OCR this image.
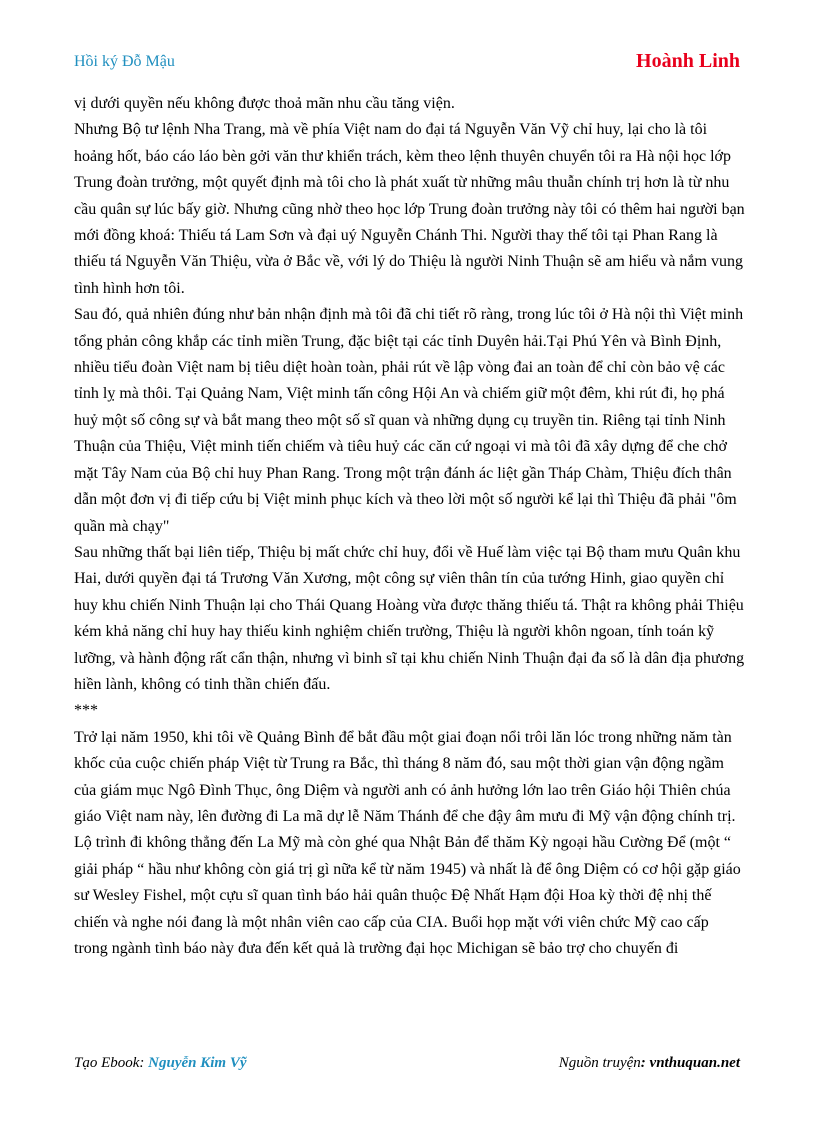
Hồi ký Đỗ Mậu	Hoành Linh

vị dưới quyền nếu không được thoả mãn nhu cầu tăng viện.

Nhưng Bộ tư lệnh Nha Trang, mà về phía Việt nam do đại tá Nguyễn Văn Vỹ chỉ huy, lại cho là tôi hoảng hốt, báo cáo láo bèn gởi văn thư khiển trách, kèm theo lệnh thuyên chuyển tôi ra Hà nội học lớp Trung đoàn trưởng, một quyết định mà tôi cho là phát xuất từ những mâu thuẫn chính trị hơn là từ nhu cầu quân sự lúc bấy giờ. Nhưng cũng nhờ theo học lớp Trung đoàn trưởng này tôi có thêm hai người bạn mới đồng khoá: Thiếu tá Lam Sơn và đại uý Nguyễn Chánh Thi. Người thay thế tôi tại Phan Rang là thiếu tá Nguyễn Văn Thiệu, vừa ở Bắc về, với lý do Thiệu là người Ninh Thuận sẽ am hiểu và nắm vung tình hình hơn tôi.

Sau đó, quả nhiên đúng như bản nhận định mà tôi đã chi tiết rõ ràng, trong lúc tôi ở Hà nội thì Việt minh tổng phản công khắp các tỉnh miền Trung, đặc biệt tại các tỉnh Duyên hải.Tại Phú Yên và Bình Định, nhiều tiểu đoàn Việt nam bị tiêu diệt hoàn toàn, phải rút về lập vòng đai an toàn để chỉ còn bảo vệ các tỉnh lỵ mà thôi. Tại Quảng Nam, Việt minh tấn công Hội An và chiếm giữ một đêm, khi rút đi, họ phá huỷ một số công sự và bắt mang theo một số sĩ quan và những dụng cụ truyền tin. Riêng tại tỉnh Ninh Thuận của Thiệu, Việt minh tiến chiếm và tiêu huỷ các căn cứ ngoại vi mà tôi đã xây dựng để che chở mặt Tây Nam của Bộ chỉ huy Phan Rang. Trong một trận đánh ác liệt gần Tháp Chàm, Thiệu đích thân dẫn một đơn vị đi tiếp cứu bị Việt minh phục kích và theo lời một số người kể lại thì Thiệu đã phải "ôm quần mà chạy"

Sau những thất bại liên tiếp, Thiệu bị mất chức chỉ huy, đổi về Huế làm việc tại Bộ tham mưu Quân khu Hai, dưới quyền đại tá Trương Văn Xương, một công sự viên thân tín của tướng Hinh, giao quyền chỉ huy khu chiến Ninh Thuận lại cho Thái Quang Hoàng vừa được thăng thiếu tá. Thật ra không phải Thiệu kém khả năng chỉ huy hay thiếu kinh nghiệm chiến trường, Thiệu là người khôn ngoan, tính toán kỹ lưỡng, và hành động rất cẩn thận, nhưng vì binh sĩ tại khu chiến Ninh Thuận đại đa số là dân địa phương hiền lành, không có tinh thần chiến đấu.

***

Trở lại năm 1950, khi tôi về Quảng Bình để bắt đầu một giai đoạn nổi trôi lăn lóc trong những năm tàn khốc của cuộc chiến pháp Việt từ Trung ra Bắc, thì tháng 8 năm đó, sau một thời gian vận động ngầm của giám mục Ngô Đình Thục, ông Diệm và người anh có ảnh hưởng lớn lao trên Giáo hội Thiên chúa giáo Việt nam này, lên đường đi La mã dự lễ Năm Thánh để che đậy âm mưu đi Mỹ vận động chính trị.

Lộ trình đi không thẳng đến La Mỹ mà còn ghé qua Nhật Bản để thăm Kỳ ngoại hầu Cường Để (một “ giải pháp “ hầu như không còn giá trị gì nữa kể từ năm 1945) và nhất là để ông Diệm có cơ hội gặp giáo sư Wesley Fishel, một cựu sĩ quan tình báo hải quân thuộc Đệ Nhất Hạm đội Hoa kỳ thời đệ nhị thế chiến và nghe nói đang là một nhân viên cao cấp của CIA. Buổi họp mặt với viên chức Mỹ cao cấp trong ngành tình báo này đưa đến kết quả là trường đại học Michigan sẽ bảo trợ cho chuyến đi

Tạo Ebook: Nguyễn Kim Vỹ	Nguồn truyện: vnthuquan.net
